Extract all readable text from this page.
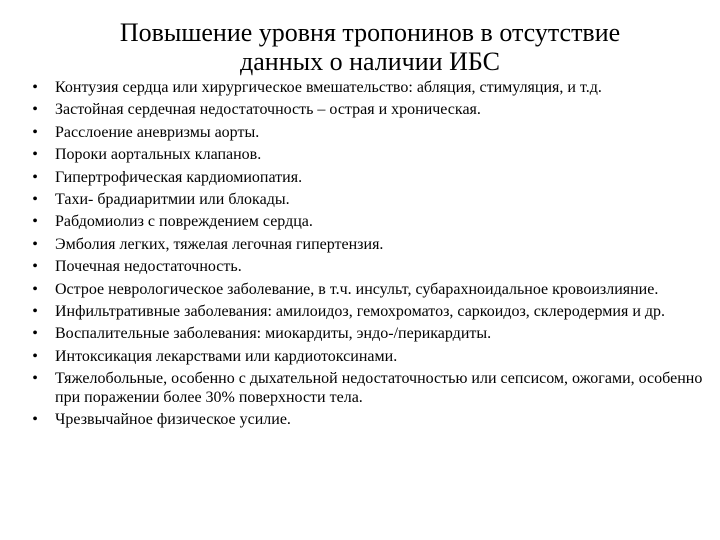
Повышение уровня тропонинов в отсутствие
данных о наличии ИБС
• Контузия сердца или хирургическое вмешательство: абляция, стимуляция, и т.д.
• Застойная сердечная недостаточность – острая и хроническая.
• Расслоение аневризмы аорты.
• Пороки аортальных клапанов.
• Гипертрофическая кардиомиопатия.
• Тахи- брадиаритмии или блокады.
• Рабдомиолиз с повреждением сердца.
• Эмболия легких, тяжелая легочная гипертензия.
• Почечная недостаточность.
• Острое неврологическое заболевание, в т.ч. инсульт, субарахноидальное кровоизлияние.
• Инфильтративные заболевания: амилоидоз, гемохроматоз, саркоидоз, склеродермия и др.
• Воспалительные заболевания: миокардиты, эндо-/перикардиты.
• Интоксикация лекарствами или кардиотоксинами.
• Тяжелобольные, особенно с дыхательной недостаточностью или сепсисом, ожогами, особенно при поражении более 30% поверхности тела.
• Чрезвычайное физическое усилие.
